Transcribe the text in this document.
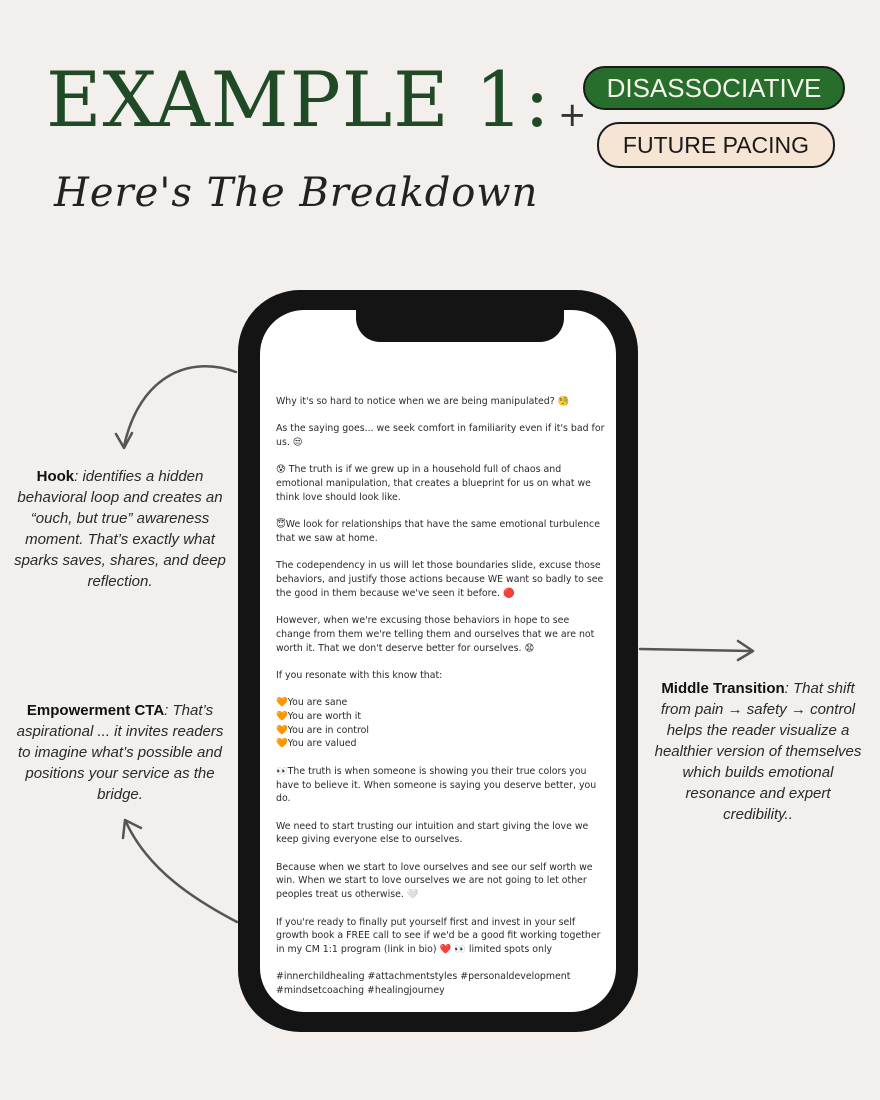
EXAMPLE 1:
Here's The Breakdown
+
DISASSOCIATIVE
FUTURE PACING

Why it's so hard to notice when we are being manipulated? 🧐

As the saying goes... we seek comfort in familiarity even if it's bad for us. 😒

😰 The truth is if we grew up in a household full of chaos and emotional manipulation, that creates a blueprint for us on what we think love should look like.

😇We look for relationships that have the same emotional turbulence that we saw at home.

The codependency in us will let those boundaries slide, excuse those behaviors, and justify those actions because WE want so badly to see the good in them because we've seen it before. 🔴

However, when we're excusing those behaviors in hope to see change from them we're telling them and ourselves that we are not worth it. That we don't deserve better for ourselves. 😧

If you resonate with this know that:

🧡You are sane
🧡You are worth it
🧡You are in control
🧡You are valued

👀The truth is when someone is showing you their true colors you have to believe it. When someone is saying you deserve better, you do.

We need to start trusting our intuition and start giving the love we keep giving everyone else to ourselves.

Because when we start to love ourselves and see our self worth we win. When we start to love ourselves we are not going to let other peoples treat us otherwise. 🤍

If you're ready to finally put yourself first and invest in your self growth book a FREE call to see if we'd be a good fit working together in my CM 1:1 program (link in bio) ❤️ 👀 limited spots only

#innerchildhealing #attachmentstyles #personaldevelopment #mindsetcoaching #healingjourney

Hook: identifies a hidden behavioral loop and creates an “ouch, but true” awareness moment. That’s exactly what sparks saves, shares, and deep reflection.
Empowerment CTA: That’s aspirational ... it invites readers to imagine what’s possible and positions your service as the bridge.
Middle Transition: That shift from pain → safety → control helps the reader visualize a healthier version of themselves which builds emotional resonance and expert credibility..
